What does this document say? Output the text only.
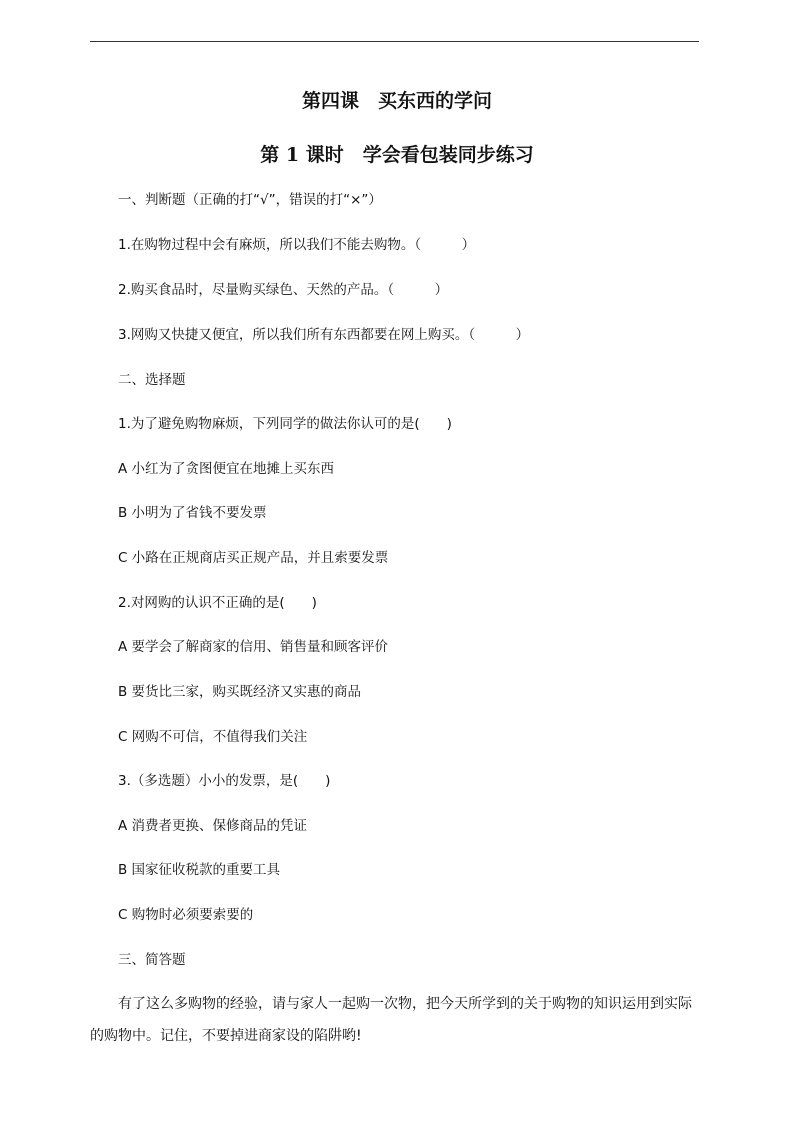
第四课　买东西的学问
第 1 课时　学会看包装同步练习
一、判断题（正确的打“√”，错误的打“×”）
1.在购物过程中会有麻烦，所以我们不能去购物。（　　　）
2.购买食品时，尽量购买绿色、天然的产品。（　　　）
3.网购又快捷又便宜，所以我们所有东西都要在网上购买。（　　　）
二、选择题
1.为了避免购物麻烦，下列同学的做法你认可的是(　　)
A 小红为了贪图便宜在地摊上买东西
B 小明为了省钱不要发票
C 小路在正规商店买正规产品，并且索要发票
2.对网购的认识不正确的是(　　)
A 要学会了解商家的信用、销售量和顾客评价
B 要货比三家，购买既经济又实惠的商品
C 网购不可信，不值得我们关注
3.（多选题）小小的发票，是(　　)
A 消费者更换、保修商品的凭证
B 国家征收税款的重要工具
C 购物时必须要索要的
三、简答题
有了这么多购物的经验，请与家人一起购一次物，把今天所学到的关于购物的知识运用到实际
的购物中。记住，不要掉进商家设的陷阱哟!
